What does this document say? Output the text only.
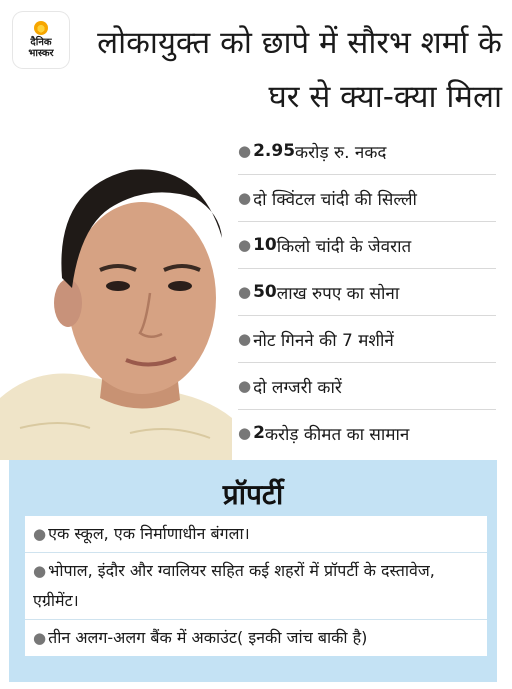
दैनिक
भास्कर लोकायुक्त को छापे में सौरभ शर्मा के घर से क्या-क्या मिला
● 2.95 करोड़ रु. नकद
● दो क्विंटल चांदी की सिल्ली
● 10 किलो चांदी के जेवरात
● 50 लाख रुपए का सोना
● नोट गिनने की 7 मशीनें
● दो लग्जरी कारें
● 2 करोड़ कीमत का सामान
प्रॉपर्टी
● एक स्कूल, एक निर्माणाधीन बंगला।
● भोपाल, इंदौर और ग्वालियर सहित कई शहरों में प्रॉपर्टी के दस्तावेज, एग्रीमेंट।
● तीन अलग-अलग बैंक में अकाउंट( इनकी जांच बाकी है)
